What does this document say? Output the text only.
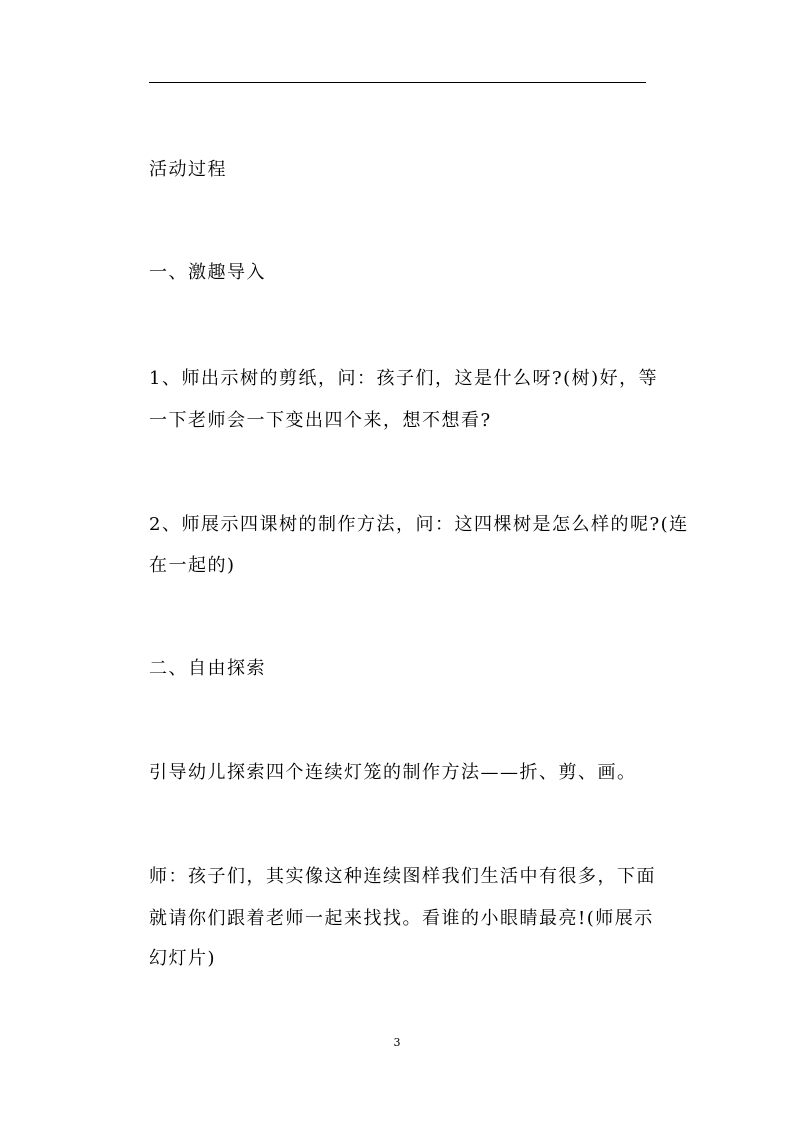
活动过程
一、激趣导入
1、师出示树的剪纸，问：孩子们，这是什么呀?(树)好，等
一下老师会一下变出四个来，想不想看?
2、师展示四课树的制作方法，问：这四棵树是怎么样的呢?(连
在一起的)
二、自由探索
引导幼儿探索四个连续灯笼的制作方法——折、剪、画。
师：孩子们，其实像这种连续图样我们生活中有很多，下面
就请你们跟着老师一起来找找。看谁的小眼睛最亮!(师展示
幻灯片)
3
